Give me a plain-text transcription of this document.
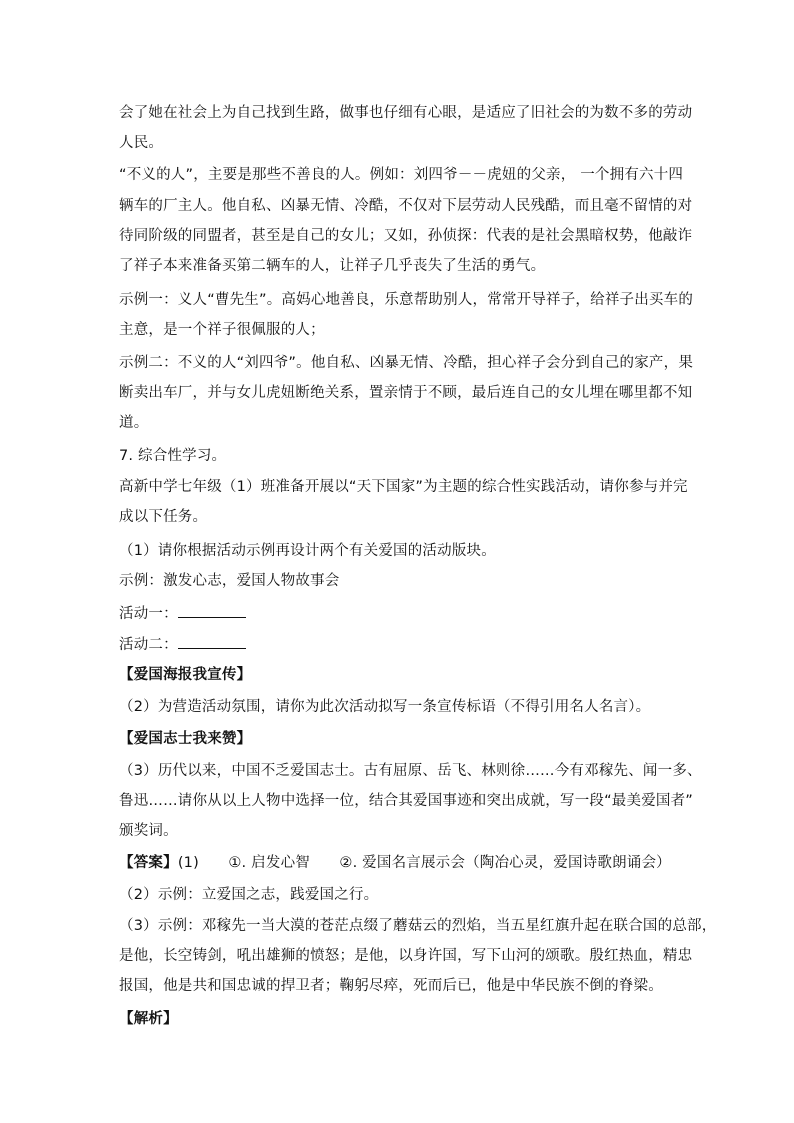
会了她在社会上为自己找到生路，做事也仔细有心眼，是适应了旧社会的为数不多的劳动
人民。
“不义的人”，主要是那些不善良的人。例如：刘四爷－－虎妞的父亲， 一个拥有六十四
辆车的厂主人。他自私、凶暴无情、冷酷，不仅对下层劳动人民残酷，而且毫不留情的对
待同阶级的同盟者，甚至是自己的女儿；又如，孙侦探：代表的是社会黑暗权势，他敲诈
了祥子本来准备买第二辆车的人，让祥子几乎丧失了生活的勇气。
示例一：义人“曹先生”。高妈心地善良，乐意帮助别人，常常开导祥子，给祥子出买车的
主意，是一个祥子很佩服的人；
示例二：不义的人“刘四爷”。他自私、凶暴无情、冷酷，担心祥子会分到自己的家产，果
断卖出车厂，并与女儿虎妞断绝关系，置亲情于不顾，最后连自己的女儿埋在哪里都不知
道。
7. 综合性学习。
高新中学七年级（1）班准备开展以“天下国家”为主题的综合性实践活动，请你参与并完
成以下任务。
（1）请你根据活动示例再设计两个有关爱国的活动版块。
示例：激发心志，爱国人物故事会
活动一：
活动二：
【爱国海报我宣传】
（2）为营造活动氛围，请你为此次活动拟写一条宣传标语（不得引用名人名言）。
【爱国志士我来赞】
（3）历代以来，中国不乏爱国志士。古有屈原、岳飞、林则徐……今有邓稼先、闻一多、
鲁迅……请你从以上人物中选择一位，结合其爱国事迹和突出成就，写一段“最美爱国者”
颁奖词。
【答案】(1)　　①. 启发心智　　②. 爱国名言展示会（陶冶心灵，爱国诗歌朗诵会）
（2）示例：立爱国之志，践爱国之行。
（3）示例：邓稼先一当大漠的苍茫点缀了蘑菇云的烈焰，当五星红旗升起在联合国的总部，
是他，长空铸剑，吼出雄狮的愤怒；是他，以身许国，写下山河的颂歌。殷红热血，精忠
报国，他是共和国忠诚的捍卫者；鞠躬尽瘁，死而后已，他是中华民族不倒的脊梁。
【解析】
